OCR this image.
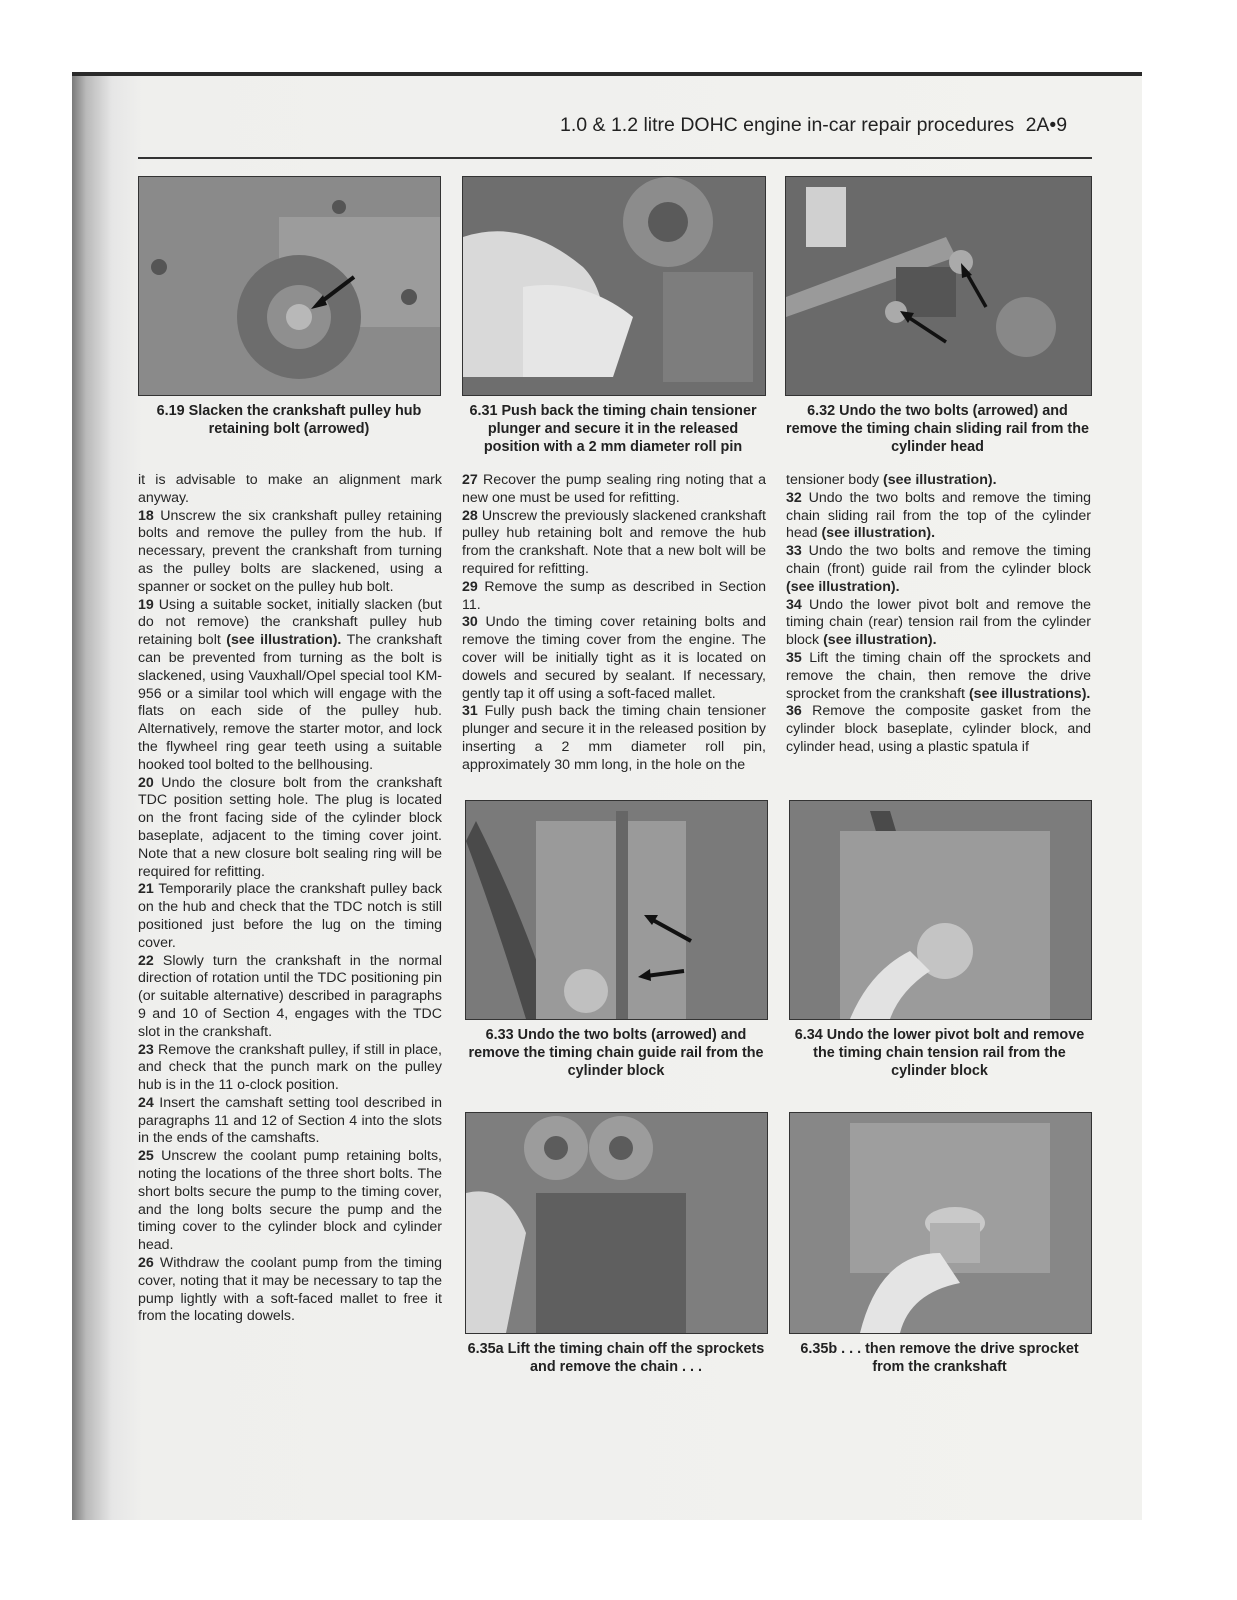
1.0 & 1.2 litre DOHC engine in-car repair procedures 2A•9
6.19 Slacken the crankshaft pulley hub retaining bolt (arrowed)
6.31 Push back the timing chain tensioner plunger and secure it in the released position with a 2 mm diameter roll pin
6.32 Undo the two bolts (arrowed) and remove the timing chain sliding rail from the cylinder head

it is advisable to make an alignment mark anyway.

18 Unscrew the six crankshaft pulley retaining bolts and remove the pulley from the hub. If necessary, prevent the crankshaft from turning as the pulley bolts are slackened, using a spanner or socket on the pulley hub bolt.

19 Using a suitable socket, initially slacken (but do not remove) the crankshaft pulley hub retaining bolt (see illustration). The crankshaft can be prevented from turning as the bolt is slackened, using Vauxhall/Opel special tool KM-956 or a similar tool which will engage with the flats on each side of the pulley hub. Alternatively, remove the starter motor, and lock the flywheel ring gear teeth using a suitable hooked tool bolted to the bellhousing.

20 Undo the closure bolt from the crankshaft TDC position setting hole. The plug is located on the front facing side of the cylinder block baseplate, adjacent to the timing cover joint. Note that a new closure bolt sealing ring will be required for refitting.

21 Temporarily place the crankshaft pulley back on the hub and check that the TDC notch is still positioned just before the lug on the timing cover.

22 Slowly turn the crankshaft in the normal direction of rotation until the TDC positioning pin (or suitable alternative) described in paragraphs 9 and 10 of Section 4, engages with the TDC slot in the crankshaft.

23 Remove the crankshaft pulley, if still in place, and check that the punch mark on the pulley hub is in the 11 o-clock position.

24 Insert the camshaft setting tool described in paragraphs 11 and 12 of Section 4 into the slots in the ends of the camshafts.

25 Unscrew the coolant pump retaining bolts, noting the locations of the three short bolts. The short bolts secure the pump to the timing cover, and the long bolts secure the pump and the timing cover to the cylinder block and cylinder head.

26 Withdraw the coolant pump from the timing cover, noting that it may be necessary to tap the pump lightly with a soft-faced mallet to free it from the locating dowels.

27 Recover the pump sealing ring noting that a new one must be used for refitting.

28 Unscrew the previously slackened crankshaft pulley hub retaining bolt and remove the hub from the crankshaft. Note that a new bolt will be required for refitting.

29 Remove the sump as described in Section 11.

30 Undo the timing cover retaining bolts and remove the timing cover from the engine. The cover will be initially tight as it is located on dowels and secured by sealant. If necessary, gently tap it off using a soft-faced mallet.

31 Fully push back the timing chain tensioner plunger and secure it in the released position by inserting a 2 mm diameter roll pin, approximately 30 mm long, in the hole on the

tensioner body (see illustration).

32 Undo the two bolts and remove the timing chain sliding rail from the top of the cylinder head (see illustration).

33 Undo the two bolts and remove the timing chain (front) guide rail from the cylinder block (see illustration).

34 Undo the lower pivot bolt and remove the timing chain (rear) tension rail from the cylinder block (see illustration).

35 Lift the timing chain off the sprockets and remove the chain, then remove the drive sprocket from the crankshaft (see illustrations).

36 Remove the composite gasket from the cylinder block baseplate, cylinder block, and cylinder head, using a plastic spatula if

6.33 Undo the two bolts (arrowed) and remove the timing chain guide rail from the cylinder block
6.34 Undo the lower pivot bolt and remove the timing chain tension rail from the cylinder block
6.35a Lift the timing chain off the sprockets and remove the chain . . .
6.35b . . . then remove the drive sprocket from the crankshaft
